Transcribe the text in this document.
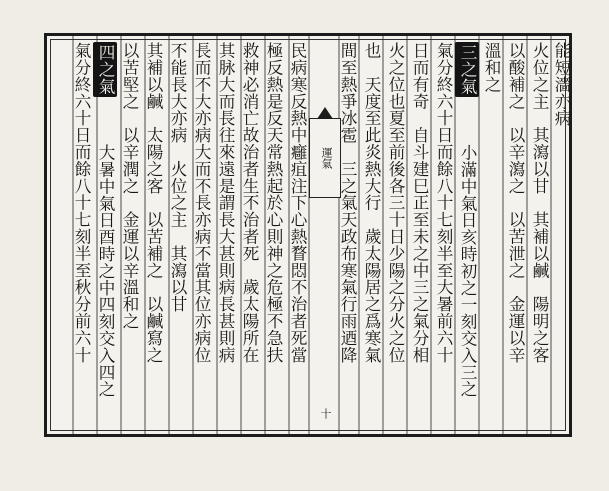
能短濇亦病
火位之主　其瀉以甘　其補以鹹　陽明之客
以酸補之　以辛瀉之　以苦泄之　金運以辛
溫和之
三之氣 小滿中氣日亥時初之一刻交入三之
氣分終六十日而餘八十七刻半至大暑前六十
日而有奇　自斗建巳正至未之中三之氣分相
火之位也夏至前後各三十日少陽之分火之位
也　天度至此炎熱大行　歲太陽居之爲寒氣
間至熱爭冰雹　三之氣天政布寒氣行雨迺降
運氣
十
民病寒反熱中癰疽注下心熱瞀悶不治者死當
極反熱是反天常熱起於心則神之危極不急扶
救神必消亡故治者生不治者死　歲太陽所在
其脉大而長往來遠是謂長大甚則病長甚則病
長而不大亦病大而不長亦病不當其位亦病位
不能長大亦病　火位之主　其瀉以甘
其補以鹹　太陽之客　以苦補之　以鹹寫之
以苦堅之　以辛潤之　金運以辛溫和之
四之氣 大暑中氣日酉時之中四刻交入四之
氣分終六十日而餘八十七刻半至秋分前六十
